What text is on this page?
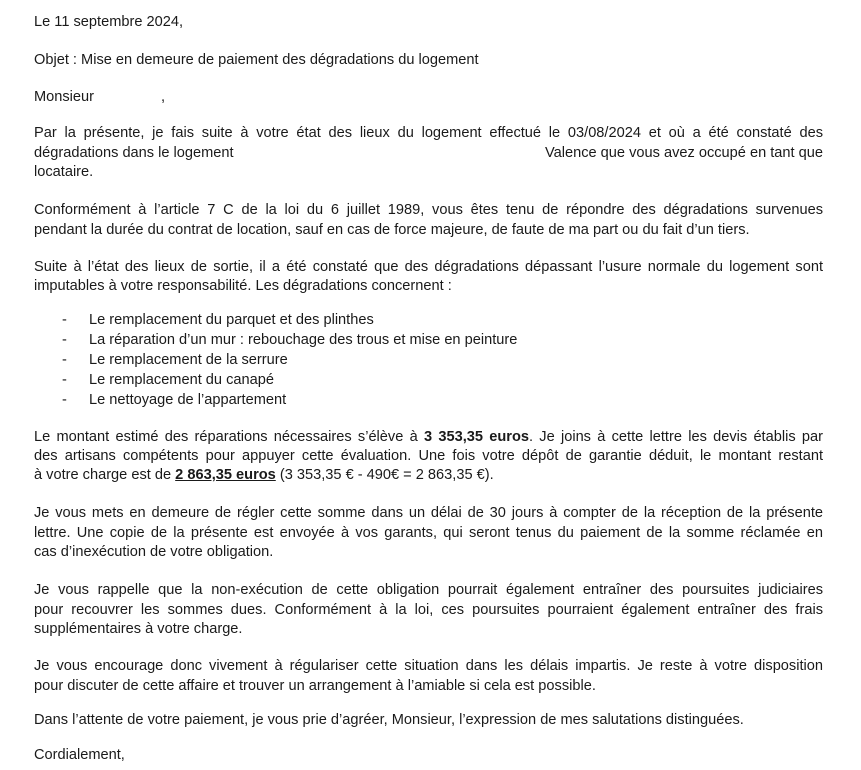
Le 11 septembre 2024,
Objet : Mise en demeure de paiement des dégradations du logement
Monsieur	,
Par la présente, je fais suite à votre état des lieux du logement effectué le 03/08/2024 et où a été constaté des
dégradations dans le logement	Valence que vous avez occupé en tant que
locataire.
Conformément à l’article 7 C de la loi du 6 juillet 1989, vous êtes tenu de répondre des dégradations survenues
pendant la durée du contrat de location, sauf en cas de force majeure, de faute de ma part ou du fait d’un tiers.
Suite à l’état des lieux de sortie, il a été constaté que des dégradations dépassant l’usure normale du logement sont
imputables à votre responsabilité. Les dégradations concernent :
- Le remplacement du parquet et des plinthes
- La réparation d’un mur : rebouchage des trous et mise en peinture
- Le remplacement de la serrure
- Le remplacement du canapé
- Le nettoyage de l’appartement
Le montant estimé des réparations nécessaires s’élève à 3 353,35 euros. Je joins à cette lettre les devis établis par
des artisans compétents pour appuyer cette évaluation. Une fois votre dépôt de garantie déduit, le montant restant
à votre charge est de 2 863,35 euros (3 353,35 € - 490€ = 2 863,35 €).
Je vous mets en demeure de régler cette somme dans un délai de 30 jours à compter de la réception de la présente
lettre. Une copie de la présente est envoyée à vos garants, qui seront tenus du paiement de la somme réclamée en
cas d’inexécution de votre obligation.
Je vous rappelle que la non-exécution de cette obligation pourrait également entraîner des poursuites judiciaires
pour recouvrer les sommes dues. Conformément à la loi, ces poursuites pourraient également entraîner des frais
supplémentaires à votre charge.
Je vous encourage donc vivement à régulariser cette situation dans les délais impartis. Je reste à votre disposition
pour discuter de cette affaire et trouver un arrangement à l’amiable si cela est possible.
Dans l’attente de votre paiement, je vous prie d’agréer, Monsieur, l’expression de mes salutations distinguées.
Cordialement,
